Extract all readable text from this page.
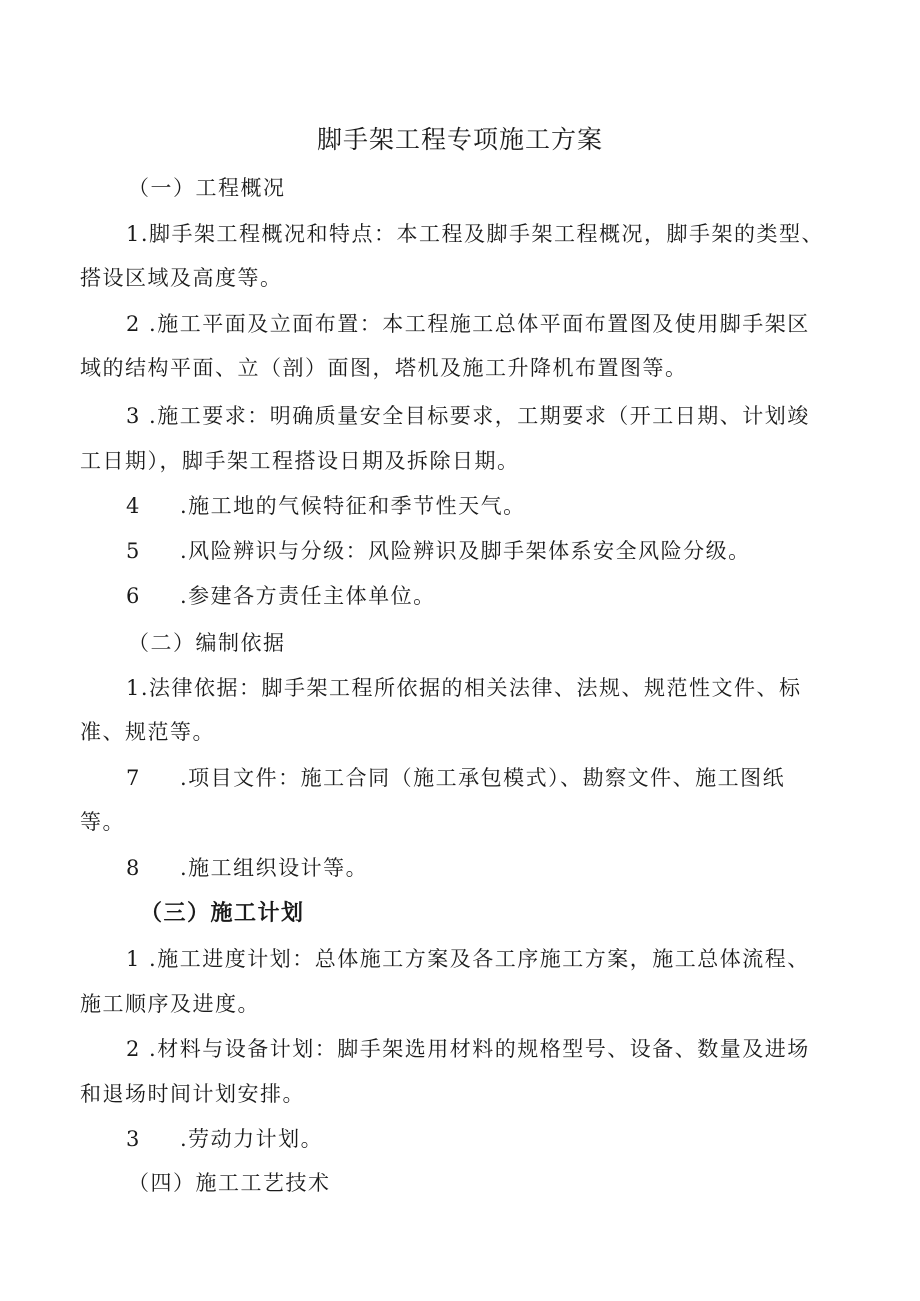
脚手架工程专项施工方案
（一）工程概况
1.脚手架工程概况和特点：本工程及脚手架工程概况，脚手架的类型、
搭设区域及高度等。
2 .施工平面及立面布置：本工程施工总体平面布置图及使用脚手架区
域的结构平面、立（剖）面图，塔机及施工升降机布置图等。
3 .施工要求：明确质量安全目标要求，工期要求（开工日期、计划竣
工日期），脚手架工程搭设日期及拆除日期。
4 .施工地的气候特征和季节性天气。
5 .风险辨识与分级：风险辨识及脚手架体系安全风险分级。
6 .参建各方责任主体单位。
（二）编制依据
1.法律依据：脚手架工程所依据的相关法律、法规、规范性文件、标
准、规范等。
7 .项目文件：施工合同（施工承包模式）、勘察文件、施工图纸
等。
8 .施工组织设计等。
（三）施工计划
1 .施工进度计划：总体施工方案及各工序施工方案，施工总体流程、
施工顺序及进度。
2 .材料与设备计划：脚手架选用材料的规格型号、设备、数量及进场
和退场时间计划安排。
3 .劳动力计划。
（四）施工工艺技术
